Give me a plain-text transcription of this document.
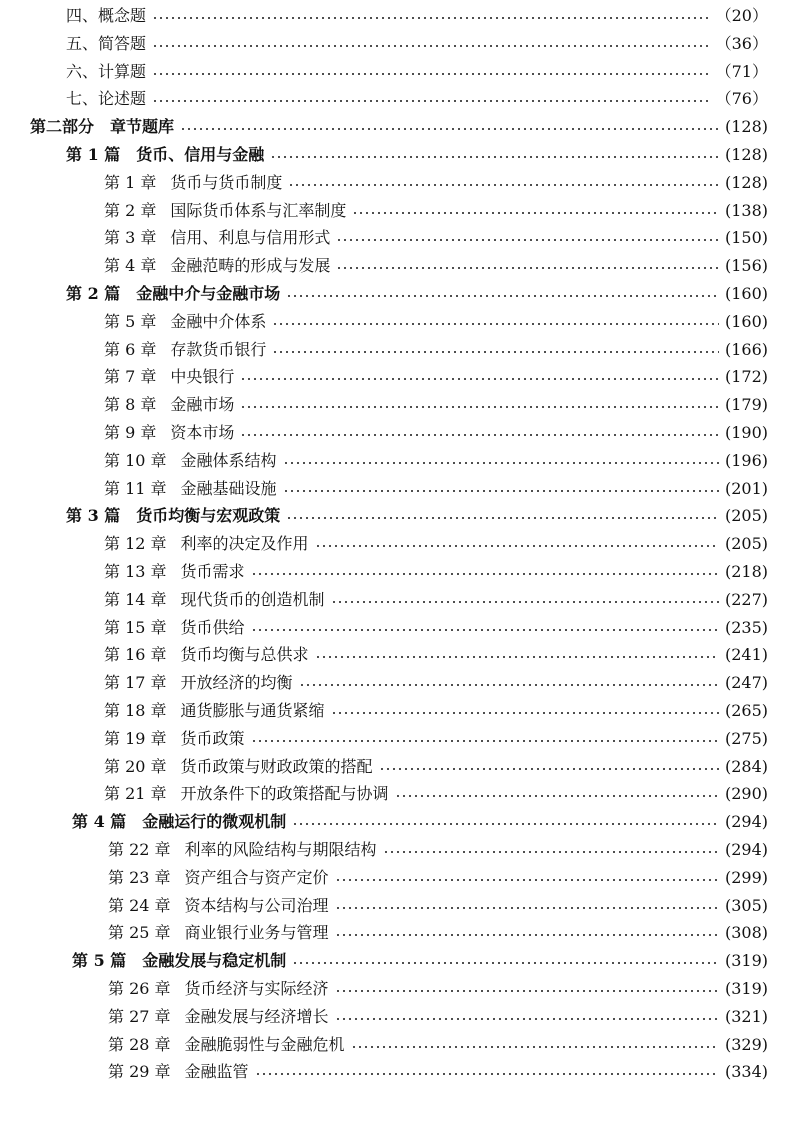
四、概念题	（20）
五、简答题	（36）
六、计算题	（71）
七、论述题	（76）
第二部分　章节题库	(128)
第 1 篇　货币、信用与金融	(128)
第 1 章 货币与货币制度	(128)
第 2 章 国际货币体系与汇率制度	(138)
第 3 章 信用、利息与信用形式	(150)
第 4 章 金融范畴的形成与发展	(156)
第 2 篇　金融中介与金融市场	(160)
第 5 章 金融中介体系	(160)
第 6 章 存款货币银行	(166)
第 7 章 中央银行	(172)
第 8 章 金融市场	(179)
第 9 章 资本市场	(190)
第 10 章 金融体系结构	(196)
第 11 章 金融基础设施	(201)
第 3 篇　货币均衡与宏观政策	(205)
第 12 章 利率的决定及作用	(205)
第 13 章 货币需求	(218)
第 14 章 现代货币的创造机制	(227)
第 15 章 货币供给	(235)
第 16 章 货币均衡与总供求	(241)
第 17 章 开放经济的均衡	(247)
第 18 章 通货膨胀与通货紧缩	(265)
第 19 章 货币政策	(275)
第 20 章 货币政策与财政政策的搭配	(284)
第 21 章 开放条件下的政策搭配与协调	(290)
第 4 篇　金融运行的微观机制	(294)
第 22 章 利率的风险结构与期限结构	(294)
第 23 章 资产组合与资产定价	(299)
第 24 章 资本结构与公司治理	(305)
第 25 章 商业银行业务与管理	(308)
第 5 篇　金融发展与稳定机制	(319)
第 26 章 货币经济与实际经济	(319)
第 27 章 金融发展与经济增长	(321)
第 28 章 金融脆弱性与金融危机	(329)
第 29 章 金融监管	(334)
